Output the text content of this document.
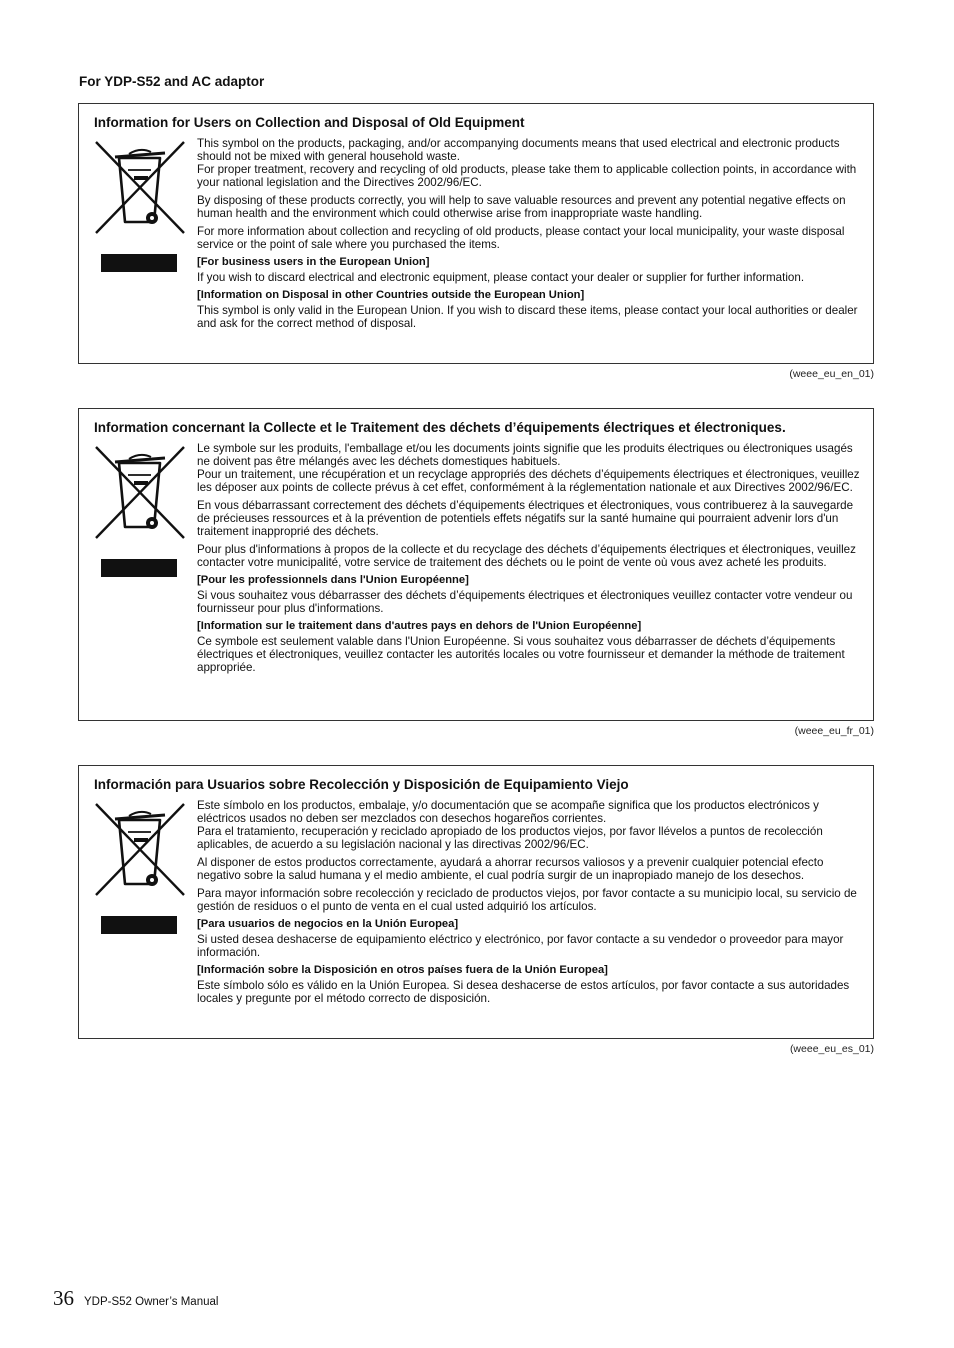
For YDP-S52 and AC adaptor
Information for Users on Collection and Disposal of Old Equipment

This symbol on the products, packaging, and/or accompanying documents means that used electrical and electronic products should not be mixed with general household waste.

For proper treatment, recovery and recycling of old products, please take them to applicable collection points, in accordance with your national legislation and the Directives 2002/96/EC.

By disposing of these products correctly, you will help to save valuable resources and prevent any potential negative effects on human health and the environment which could otherwise arise from inappropriate waste handling.

For more information about collection and recycling of old products, please contact your local municipality, your waste disposal service or the point of sale where you purchased the items.

[For business users in the European Union]

If you wish to discard electrical and electronic equipment, please contact your dealer or supplier for further information.

[Information on Disposal in other Countries outside the European Union]

This symbol is only valid in the European Union. If you wish to discard these items, please contact your local authorities or dealer and ask for the correct method of disposal.

(weee_eu_en_01)
Information concernant la Collecte et le Traitement des déchets d’équipements électriques et électroniques.

Le symbole sur les produits, l'emballage et/ou les documents joints signifie que les produits électriques ou électroniques usagés ne doivent pas être mélangés avec les déchets domestiques habituels.

Pour un traitement, une récupération et un recyclage appropriés des déchets d’équipements électriques et électroniques, veuillez les déposer aux points de collecte prévus à cet effet, conformément à la réglementation nationale et aux Directives 2002/96/EC.

En vous débarrassant correctement des déchets d’équipements électriques et électroniques, vous contribuerez à la sauvegarde de précieuses ressources et à la prévention de potentiels effets négatifs sur la santé humaine qui pourraient advenir lors d'un traitement inapproprié des déchets.

Pour plus d'informations à propos de la collecte et du recyclage des déchets d’équipements électriques et électroniques, veuillez contacter votre municipalité, votre service de traitement des déchets ou le point de vente où vous avez acheté les produits.

[Pour les professionnels dans l'Union Européenne]

Si vous souhaitez vous débarrasser des déchets d’équipements électriques et électroniques veuillez contacter votre vendeur ou fournisseur pour plus d'informations.

[Information sur le traitement dans d'autres pays en dehors de l'Union Européenne]

Ce symbole est seulement valable dans l'Union Européenne. Si vous souhaitez vous débarrasser de déchets d’équipements électriques et électroniques, veuillez contacter les autorités locales ou votre fournisseur et demander la méthode de traitement appropriée.

(weee_eu_fr_01)
Información para Usuarios sobre Recolección y Disposición de Equipamiento Viejo

Este símbolo en los productos, embalaje, y/o documentación que se acompañe significa que los productos electrónicos y eléctricos usados no deben ser mezclados con desechos hogareños corrientes.

Para el tratamiento, recuperación y reciclado apropiado de los productos viejos, por favor llévelos a puntos de recolección aplicables, de acuerdo a su legislación nacional y las directivas 2002/96/EC.

Al disponer de estos productos correctamente, ayudará a ahorrar recursos valiosos y a prevenir cualquier potencial efecto negativo sobre la salud humana y el medio ambiente, el cual podría surgir de un inapropiado manejo de los desechos.

Para mayor información sobre recolección y reciclado de productos viejos, por favor contacte a su municipio local, su servicio de gestión de residuos o el punto de venta en el cual usted adquirió los artículos.

[Para usuarios de negocios en la Unión Europea]

Si usted desea deshacerse de equipamiento eléctrico y electrónico, por favor contacte a su vendedor o proveedor para mayor información.

[Información sobre la Disposición en otros países fuera de la Unión Europea]

Este símbolo sólo es válido en la Unión Europea. Si desea deshacerse de estos artículos, por favor contacte a sus autoridades locales y pregunte por el método correcto de disposición.

(weee_eu_es_01)
36 YDP-S52 Owner’s Manual
